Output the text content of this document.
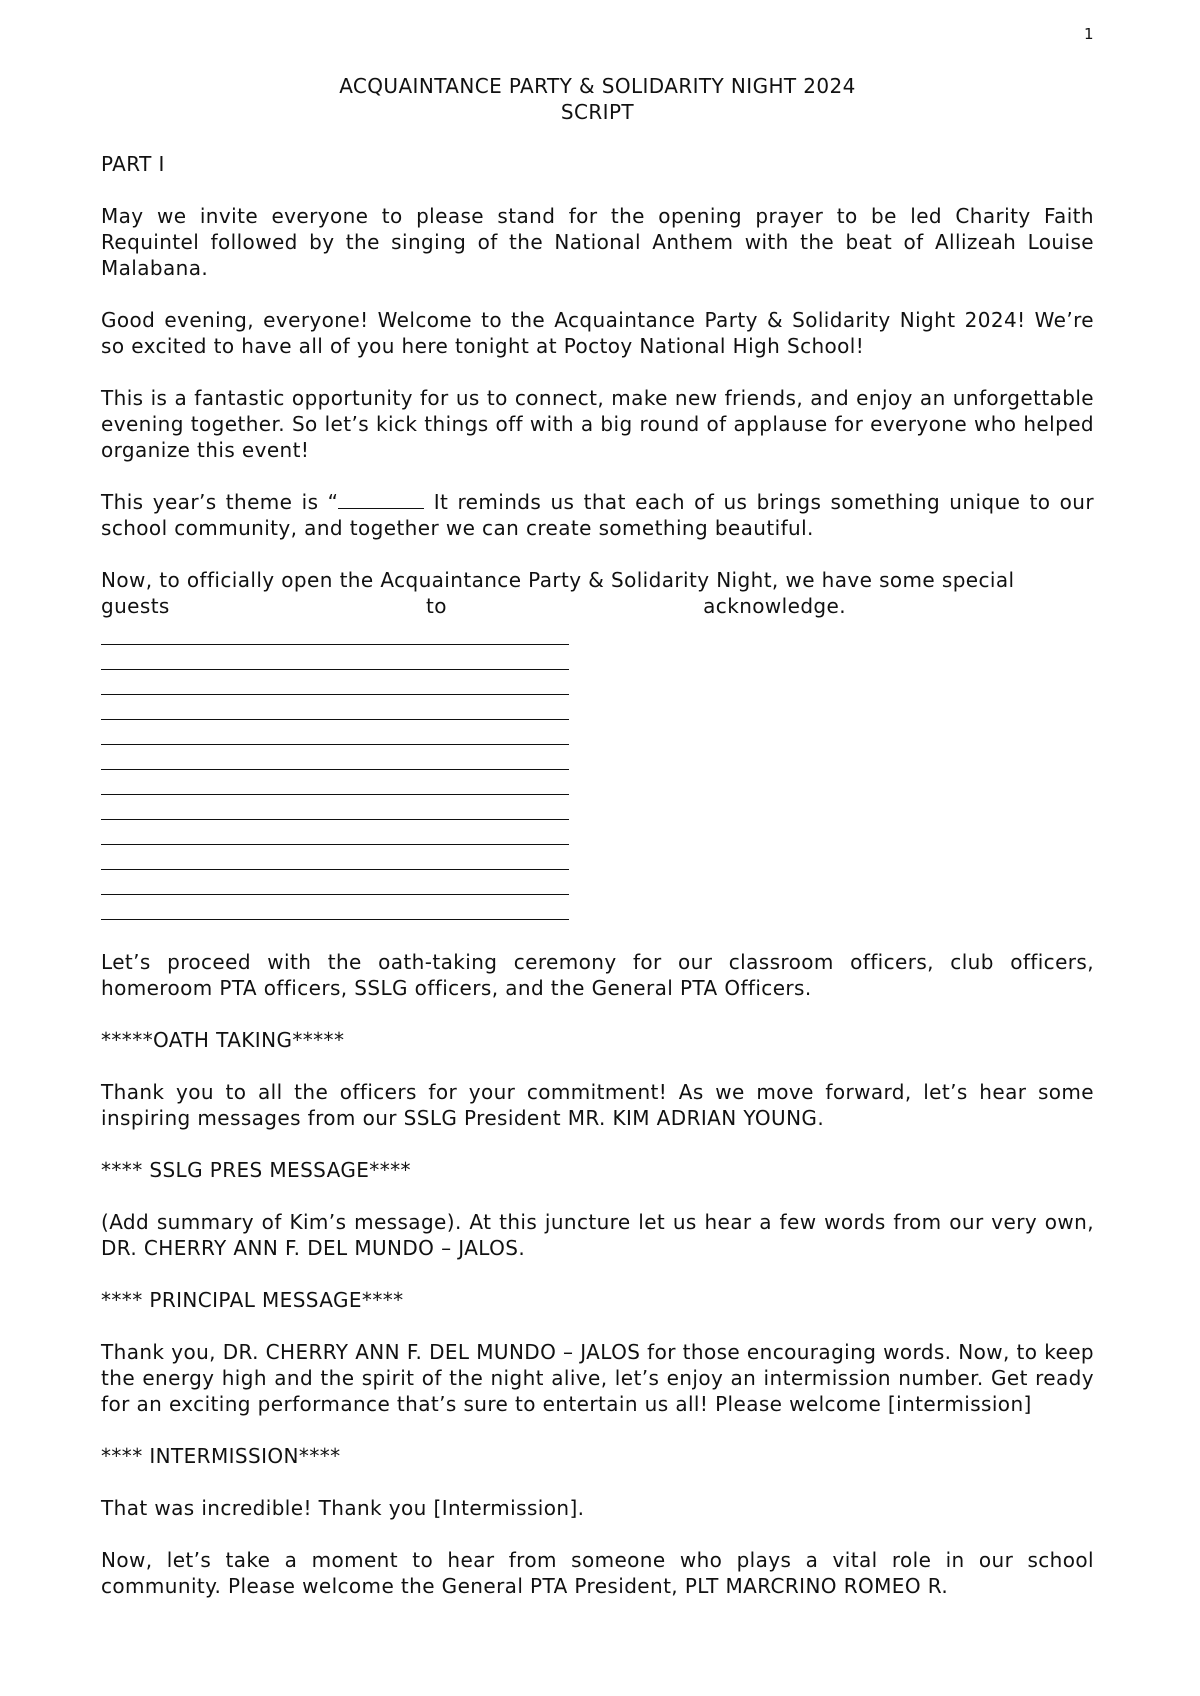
1
ACQUAINTANCE PARTY & SOLIDARITY NIGHT 2024
SCRIPT
PART I

May we invite everyone to please stand for the opening prayer to be led Charity Faith Requintel followed by the singing of the National Anthem with the beat of Allizeah Louise Malabana.

Good evening, everyone! Welcome to the Acquaintance Party & Solidarity Night 2024! We’re so excited to have all of you here tonight at Poctoy National High School!

This is a fantastic opportunity for us to connect, make new friends, and enjoy an unforgettable evening together. So let’s kick things off with a big round of applause for everyone who helped organize this event!

This year’s theme is “	It reminds us that each of us brings something unique to our school community, and together we can create something beautiful.

Now, to officially open the Acquaintance Party & Solidarity Night, we have some special

guests	to	acknowledge.

Let’s proceed with the oath-taking ceremony for our classroom officers, club officers, homeroom PTA officers, SSLG officers, and the General PTA Officers.

*****OATH TAKING*****

Thank you to all the officers for your commitment! As we move forward, let’s hear some inspiring messages from our SSLG President MR. KIM ADRIAN YOUNG.

**** SSLG PRES MESSAGE****

(Add summary of Kim’s message). At this juncture let us hear a few words from our very own, DR. CHERRY ANN F. DEL MUNDO – JALOS.

**** PRINCIPAL MESSAGE****

Thank you, DR. CHERRY ANN F. DEL MUNDO – JALOS for those encouraging words. Now, to keep the energy high and the spirit of the night alive, let’s enjoy an intermission number. Get ready for an exciting performance that’s sure to entertain us all! Please welcome [intermission]

**** INTERMISSION****

That was incredible! Thank you [Intermission].

Now, let’s take a moment to hear from someone who plays a vital role in our school community. Please welcome the General PTA President, PLT MARCRINO ROMEO R.
